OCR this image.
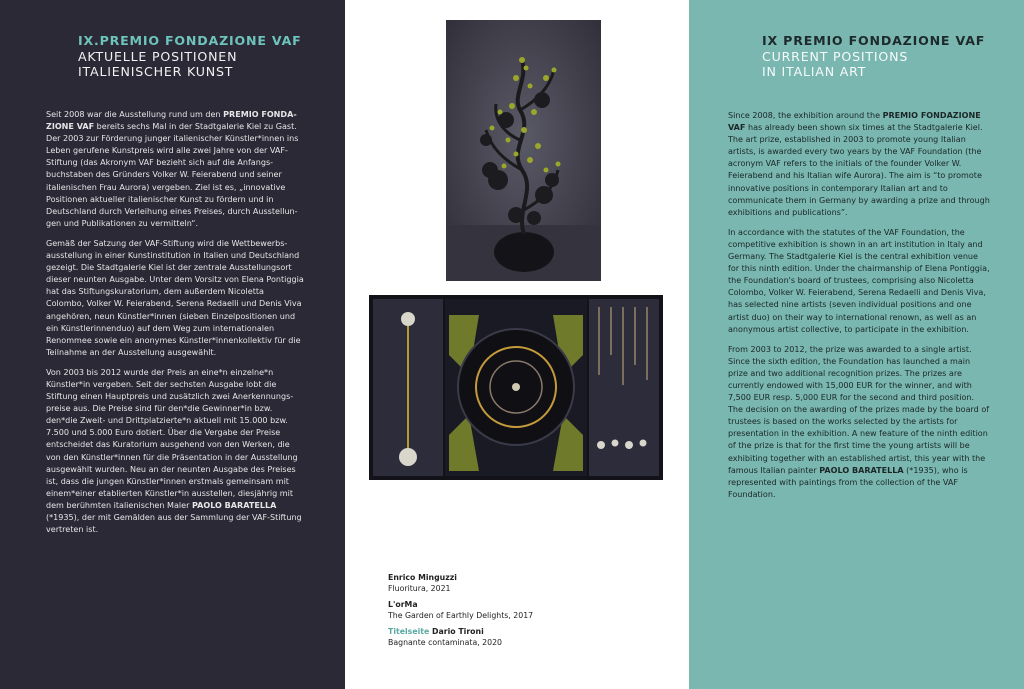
IX.PREMIO FONDAZIONE VAF
AKTUELLE POSITIONEN
ITALIENISCHER KUNST

Seit 2008 war die Ausstellung rund um den PREMIO FONDAZIONE VAF bereits sechs Mal in der Stadtgalerie Kiel zu Gast. Der 2003 zur Förderung junger italienischer Künstler*innen ins Leben gerufene Kunstpreis wird alle zwei Jahre von der VAF-Stiftung (das Akronym VAF bezieht sich auf die Anfangsbuchstaben des Gründers Volker W. Feierabend und seiner italienischen Frau Aurora) vergeben. Ziel ist es, „innovative Positionen aktueller italienischer Kunst zu fördern und in Deutschland durch Verleihung eines Preises, durch Ausstellungen und Publikationen zu vermitteln“.

Gemäß der Satzung der VAF-Stiftung wird die Wettbewerbsausstellung in einer Kunstinstitution in Italien und Deutschland gezeigt. Die Stadtgalerie Kiel ist der zentrale Ausstellungsort dieser neunten Ausgabe. Unter dem Vorsitz von Elena Pontiggia hat das Stiftungskuratorium, dem außerdem Nicoletta Colombo, Volker W. Feierabend, Serena Redaelli und Denis Viva angehören, neun Künstler*innen (sieben Einzelpositionen und ein Künstlerinnenduo) auf dem Weg zum internationalen Renommee sowie ein anonymes Künstler*innenkollektiv für die Teilnahme an der Ausstellung ausgewählt.

Von 2003 bis 2012 wurde der Preis an eine*n einzelne*n Künstler*in vergeben. Seit der sechsten Ausgabe lobt die Stiftung einen Hauptpreis und zusätzlich zwei Anerkennungspreise aus. Die Preise sind für den*die Gewinner*in bzw. den*die Zweit- und Drittplatzierte*n aktuell mit 15.000 bzw. 7.500 und 5.000 Euro dotiert. Über die Vergabe der Preise entscheidet das Kuratorium ausgehend von den Werken, die von den Künstler*innen für die Präsentation in der Ausstellung ausgewählt wurden. Neu an der neunten Ausgabe des Preises ist, dass die jungen Künstler*innen erstmals gemeinsam mit einem*einer etablierten Künstler*in ausstellen, diesjährig mit dem berühmten italienischen Maler PAOLO BARATELLA (*1935), der mit Gemälden aus der Sammlung der VAF-Stiftung vertreten ist.

Enrico Minguzzi
Fluoritura, 2021
L'orMa
The Garden of Earthly Delights, 2017
Titelseite Dario Tironi
Bagnante contaminata, 2020
IX PREMIO FONDAZIONE VAF
CURRENT POSITIONS
IN ITALIAN ART

Since 2008, the exhibition around the PREMIO FONDAZIONE VAF has already been shown six times at the Stadtgalerie Kiel. The art prize, established in 2003 to promote young Italian artists, is awarded every two years by the VAF Foundation (the acronym VAF refers to the initials of the founder Volker W. Feierabend and his Italian wife Aurora). The aim is “to promote innovative positions in contemporary Italian art and to communicate them in Germany by awarding a prize and through exhibitions and publications”.

In accordance with the statutes of the VAF Foundation, the competitive exhibition is shown in an art institution in Italy and Germany. The Stadtgalerie Kiel is the central exhibition venue for this ninth edition. Under the chairmanship of Elena Pontiggia, the Foundation's board of trustees, comprising also Nicoletta Colombo, Volker W. Feierabend, Serena Redaelli and Denis Viva, has selected nine artists (seven individual positions and one artist duo) on their way to international renown, as well as an anonymous artist collective, to participate in the exhibition.

From 2003 to 2012, the prize was awarded to a single artist. Since the sixth edition, the Foundation has launched a main prize and two additional recognition prizes. The prizes are currently endowed with 15,000 EUR for the winner, and with 7,500 EUR resp. 5,000 EUR for the second and third position. The decision on the awarding of the prizes made by the board of trustees is based on the works selected by the artists for presentation in the exhibition. A new feature of the ninth edition of the prize is that for the first time the young artists will be exhibiting together with an established artist, this year with the famous Italian painter PAOLO BARATELLA (*1935), who is represented with paintings from the collection of the VAF Foundation.
